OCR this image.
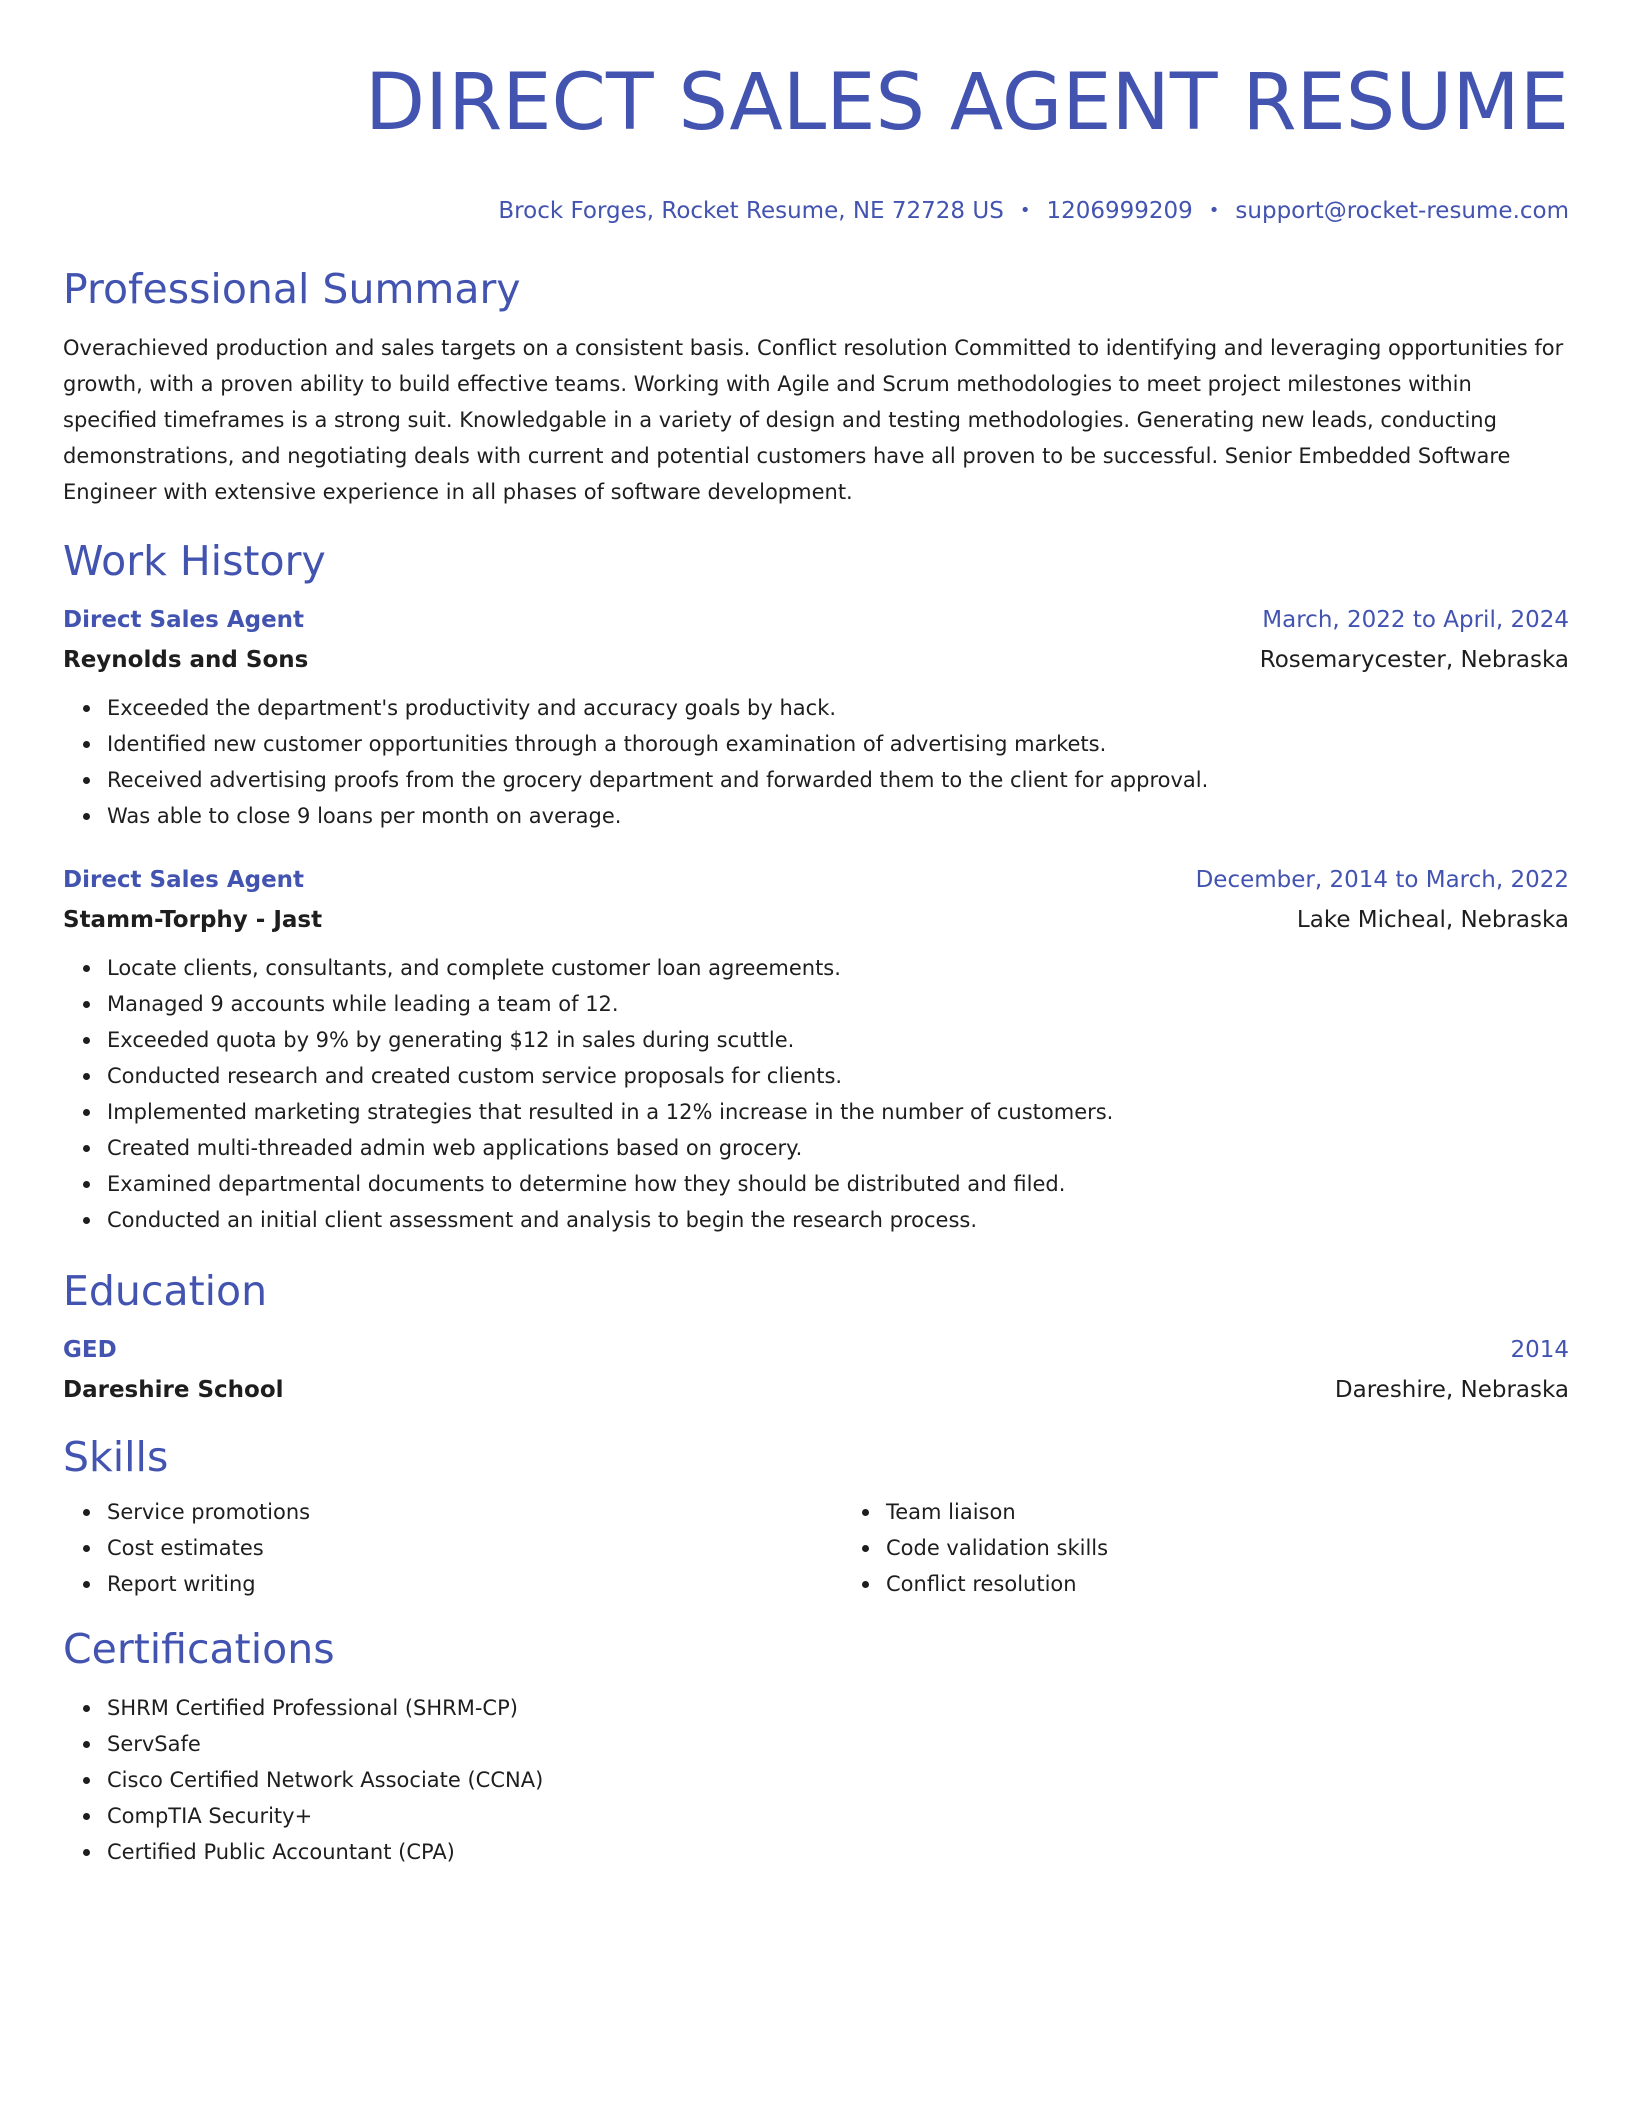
DIRECT SALES AGENT RESUME
Brock Forges, Rocket Resume, NE 72728 US • 1206999209 • support@rocket-resume.com
Professional Summary
Overachieved production and sales targets on a consistent basis. Conflict resolution Committed to identifying and leveraging opportunities for growth, with a proven ability to build effective teams. Working with Agile and Scrum methodologies to meet project milestones within specified timeframes is a strong suit. Knowledgable in a variety of design and testing methodologies. Generating new leads, conducting demonstrations, and negotiating deals with current and potential customers have all proven to be successful. Senior Embedded Software Engineer with extensive experience in all phases of software development.
Work History
Direct Sales Agent	March, 2022 to April, 2024
Reynolds and Sons	Rosemarycester, Nebraska
Exceeded the department's productivity and accuracy goals by hack.
Identified new customer opportunities through a thorough examination of advertising markets.
Received advertising proofs from the grocery department and forwarded them to the client for approval.
Was able to close 9 loans per month on average.
Direct Sales Agent	December, 2014 to March, 2022
Stamm-Torphy - Jast	Lake Micheal, Nebraska
Locate clients, consultants, and complete customer loan agreements.
Managed 9 accounts while leading a team of 12.
Exceeded quota by 9% by generating $12 in sales during scuttle.
Conducted research and created custom service proposals for clients.
Implemented marketing strategies that resulted in a 12% increase in the number of customers.
Created multi-threaded admin web applications based on grocery.
Examined departmental documents to determine how they should be distributed and filed.
Conducted an initial client assessment and analysis to begin the research process.
Education
GED	2014
Dareshire School	Dareshire, Nebraska
Skills
Service promotions
Cost estimates
Report writing
Team liaison
Code validation skills
Conflict resolution
Certifications
SHRM Certified Professional (SHRM-CP)
ServSafe
Cisco Certified Network Associate (CCNA)
CompTIA Security+
Certified Public Accountant (CPA)
